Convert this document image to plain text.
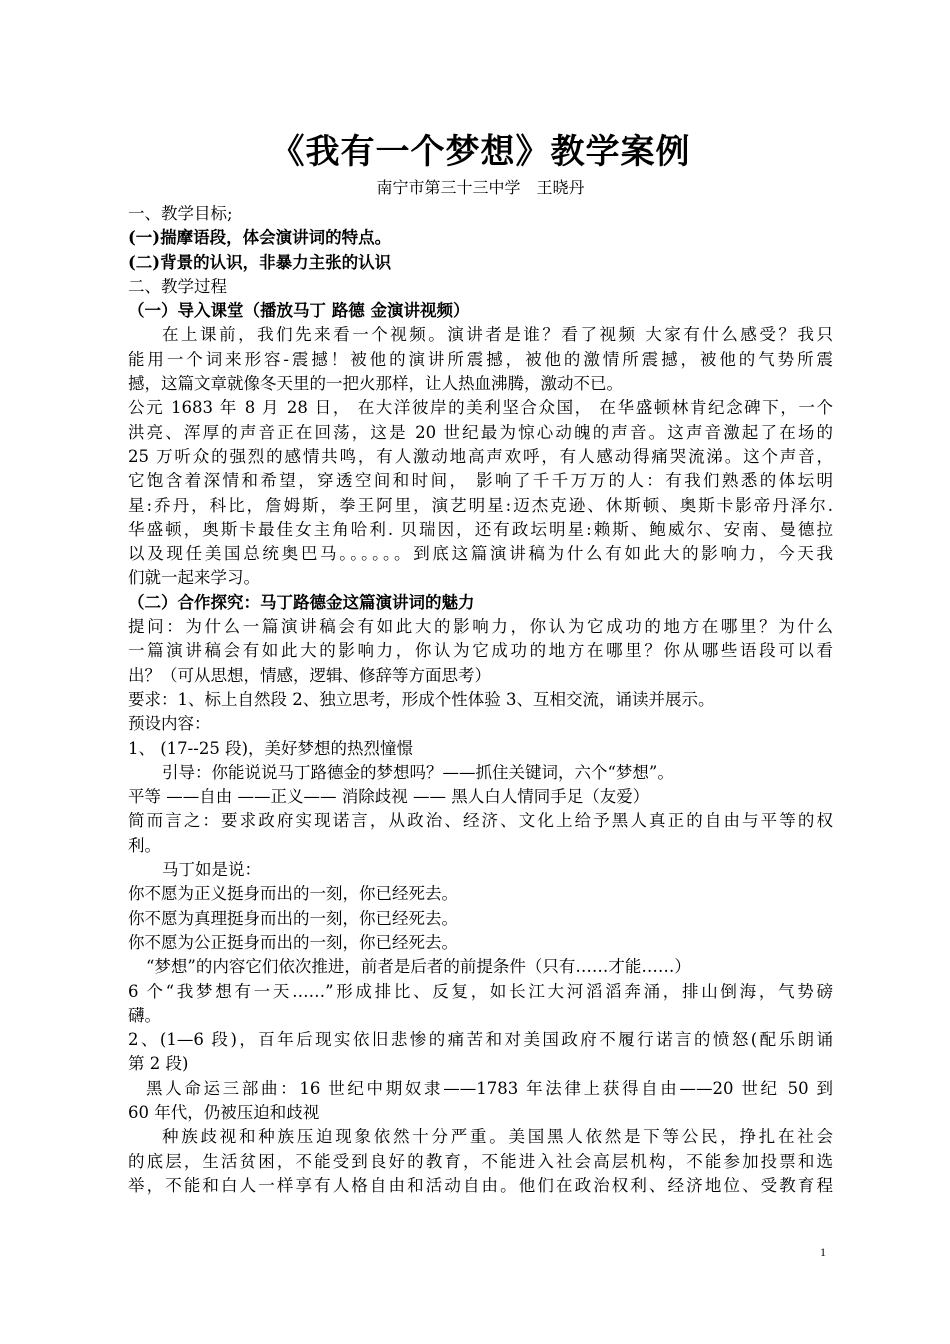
《我有一个梦想》教学案例

南宁市第三十三中学　王晓丹

一、教学目标;

(一)揣摩语段，体会演讲词的特点。

(二)背景的认识，非暴力主张的认识

二、教学过程

（一）导入课堂（播放马丁 路德 金演讲视频）

在上课前，我们先来看一个视频。演讲者是谁？看了视频 大家有什么感受？我只

能用一个词来形容-震撼！被他的演讲所震撼，被他的激情所震撼，被他的气势所震

撼，这篇文章就像冬天里的一把火那样，让人热血沸腾，激动不已。

公元 1683 年 8 月 28 日， 在大洋彼岸的美利坚合众国， 在华盛顿林肯纪念碑下，一个

洪亮、浑厚的声音正在回荡，这是 20 世纪最为惊心动魄的声音。这声音激起了在场的

25 万听众的强烈的感情共鸣，有人激动地高声欢呼，有人感动得痛哭流涕。这个声音，

它饱含着深情和希望，穿透空间和时间， 影响了千千万万的人：有我们熟悉的体坛明

星:乔丹，科比，詹姆斯，拳王阿里，演艺明星:迈杰克逊、休斯顿、奥斯卡影帝丹泽尔.

华盛顿，奥斯卡最佳女主角哈利. 贝瑞因，还有政坛明星:赖斯、鲍威尔、安南、曼德拉

以及现任美国总统奥巴马。。。。。。到底这篇演讲稿为什么有如此大的影响力，今天我

们就一起来学习。

（二）合作探究：马丁路德金这篇演讲词的魅力

提问：为什么一篇演讲稿会有如此大的影响力，你认为它成功的地方在哪里？为什么

一篇演讲稿会有如此大的影响力，你认为它成功的地方在哪里？你从哪些语段可以看

出？（可从思想，情感，逻辑、修辞等方面思考）

要求：1、标上自然段 2、独立思考，形成个性体验 3、互相交流，诵读并展示。

预设内容：

1、 (17--25 段)，美好梦想的热烈憧憬

引导：你能说说马丁路德金的梦想吗？——抓住关键词，六个“梦想”。

平等 ——自由 ——正义—— 消除歧视 —— 黑人白人情同手足（友爱）

简而言之：要求政府实现诺言，从政治、经济、文化上给予黑人真正的自由与平等的权

利。

马丁如是说：

你不愿为正义挺身而出的一刻，你已经死去。

你不愿为真理挺身而出的一刻，你已经死去。

你不愿为公正挺身而出的一刻，你已经死去。

“梦想”的内容它们依次推进，前者是后者的前提条件（只有……才能……）

6 个“我梦想有一天……”形成排比、反复，如长江大河滔滔奔涌，排山倒海，气势磅

礴。

2、(1—6 段)，百年后现实依旧悲惨的痛苦和对美国政府不履行诺言的愤怒(配乐朗诵

第 2 段)

黑人命运三部曲：16 世纪中期奴隶——1783 年法律上获得自由——20 世纪 50 到

60 年代，仍被压迫和歧视

种族歧视和种族压迫现象依然十分严重。美国黑人依然是下等公民，挣扎在社会

的底层，生活贫困，不能受到良好的教育，不能进入社会高层机构，不能参加投票和选

举，不能和白人一样享有人格自由和活动自由。他们在政治权利、经济地位、受教育程

1
